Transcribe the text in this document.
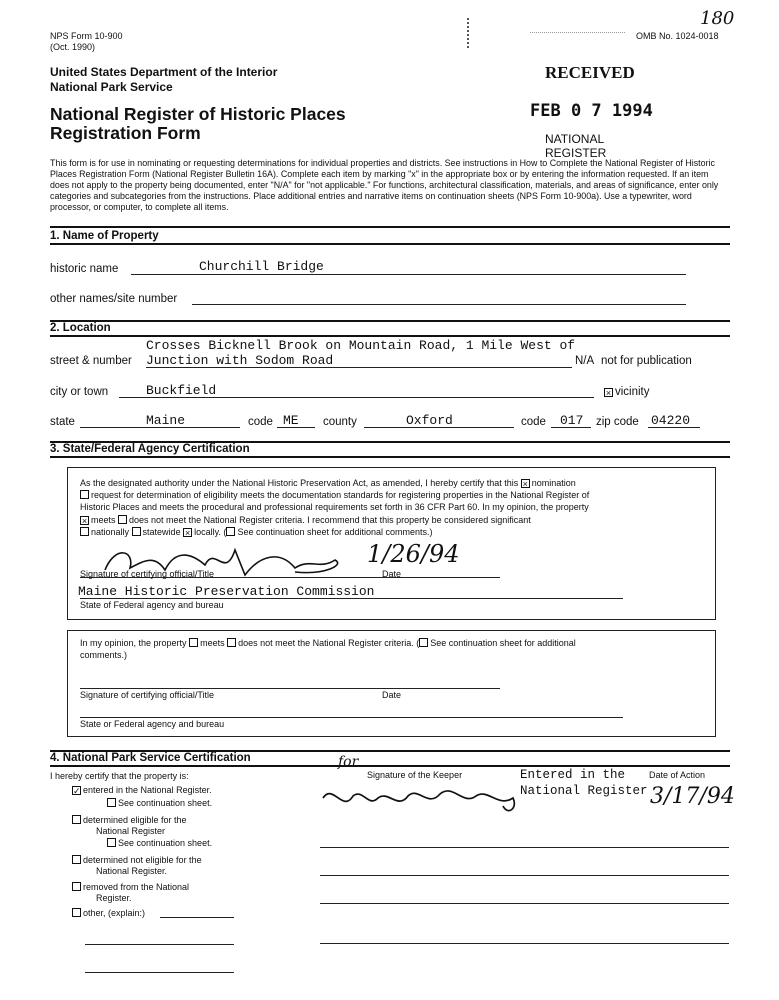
NPS Form 10-900
(Oct. 1990)
OMB No. 1024-0018
180
United States Department of the Interior
National Park Service
National Register of Historic Places
Registration Form
RECEIVED
FEB 0 7 1994
NATIONAL
REGISTER
This form is for use in nominating or requesting determinations for individual properties and districts. See instructions in How to Complete the National Register of Historic Places Registration Form (National Register Bulletin 16A). Complete each item by marking "x" in the appropriate box or by entering the information requested. If an item does not apply to the property being documented, enter "N/A" for "not applicable." For functions, architectural classification, materials, and areas of significance, enter only categories and subcategories from the instructions. Place additional entries and narrative items on continuation sheets (NPS Form 10-900a). Use a typewriter, word processor, or computer, to complete all items.
1. Name of Property
historic name	Churchill Bridge
other names/site number
2. Location
Crosses Bicknell Brook on Mountain Road, 1 Mile West of
street & number Junction with Sodom Road	N/A not for publication
city or town	Buckfield	× vicinity
state	Maine	code ME county	Oxford	code 017 zip code 04220
3. State/Federal Agency Certification
As the designated authority under the National Historic Preservation Act, as amended, I hereby certify that this × nomination
request for determination of eligibility meets the documentation standards for registering properties in the National Register of
Historic Places and meets the procedural and professional requirements set forth in 36 CFR Part 60. In my opinion, the property
× meets does not meet the National Register criteria. I recommend that this property be considered significant
nationally statewide × locally. ( See continuation sheet for additional comments.)
1/26/94
Signature of certifying official/Title	Date
Maine Historic Preservation Commission
State of Federal agency and bureau
In my opinion, the property meets does not meet the National Register criteria. ( See continuation sheet for additional
comments.)
Signature of certifying official/Title	Date
State or Federal agency and bureau
4. National Park Service Certification
I hereby certify that the property is:	Signature of the Keeper	Date of Action
Entered in the
National Register
for
3/17/94
✓ entered in the National Register.
See continuation sheet.
determined eligible for the
National Register
See continuation sheet.
determined not eligible for the
National Register.
removed from the National
Register.
other, (explain:)
